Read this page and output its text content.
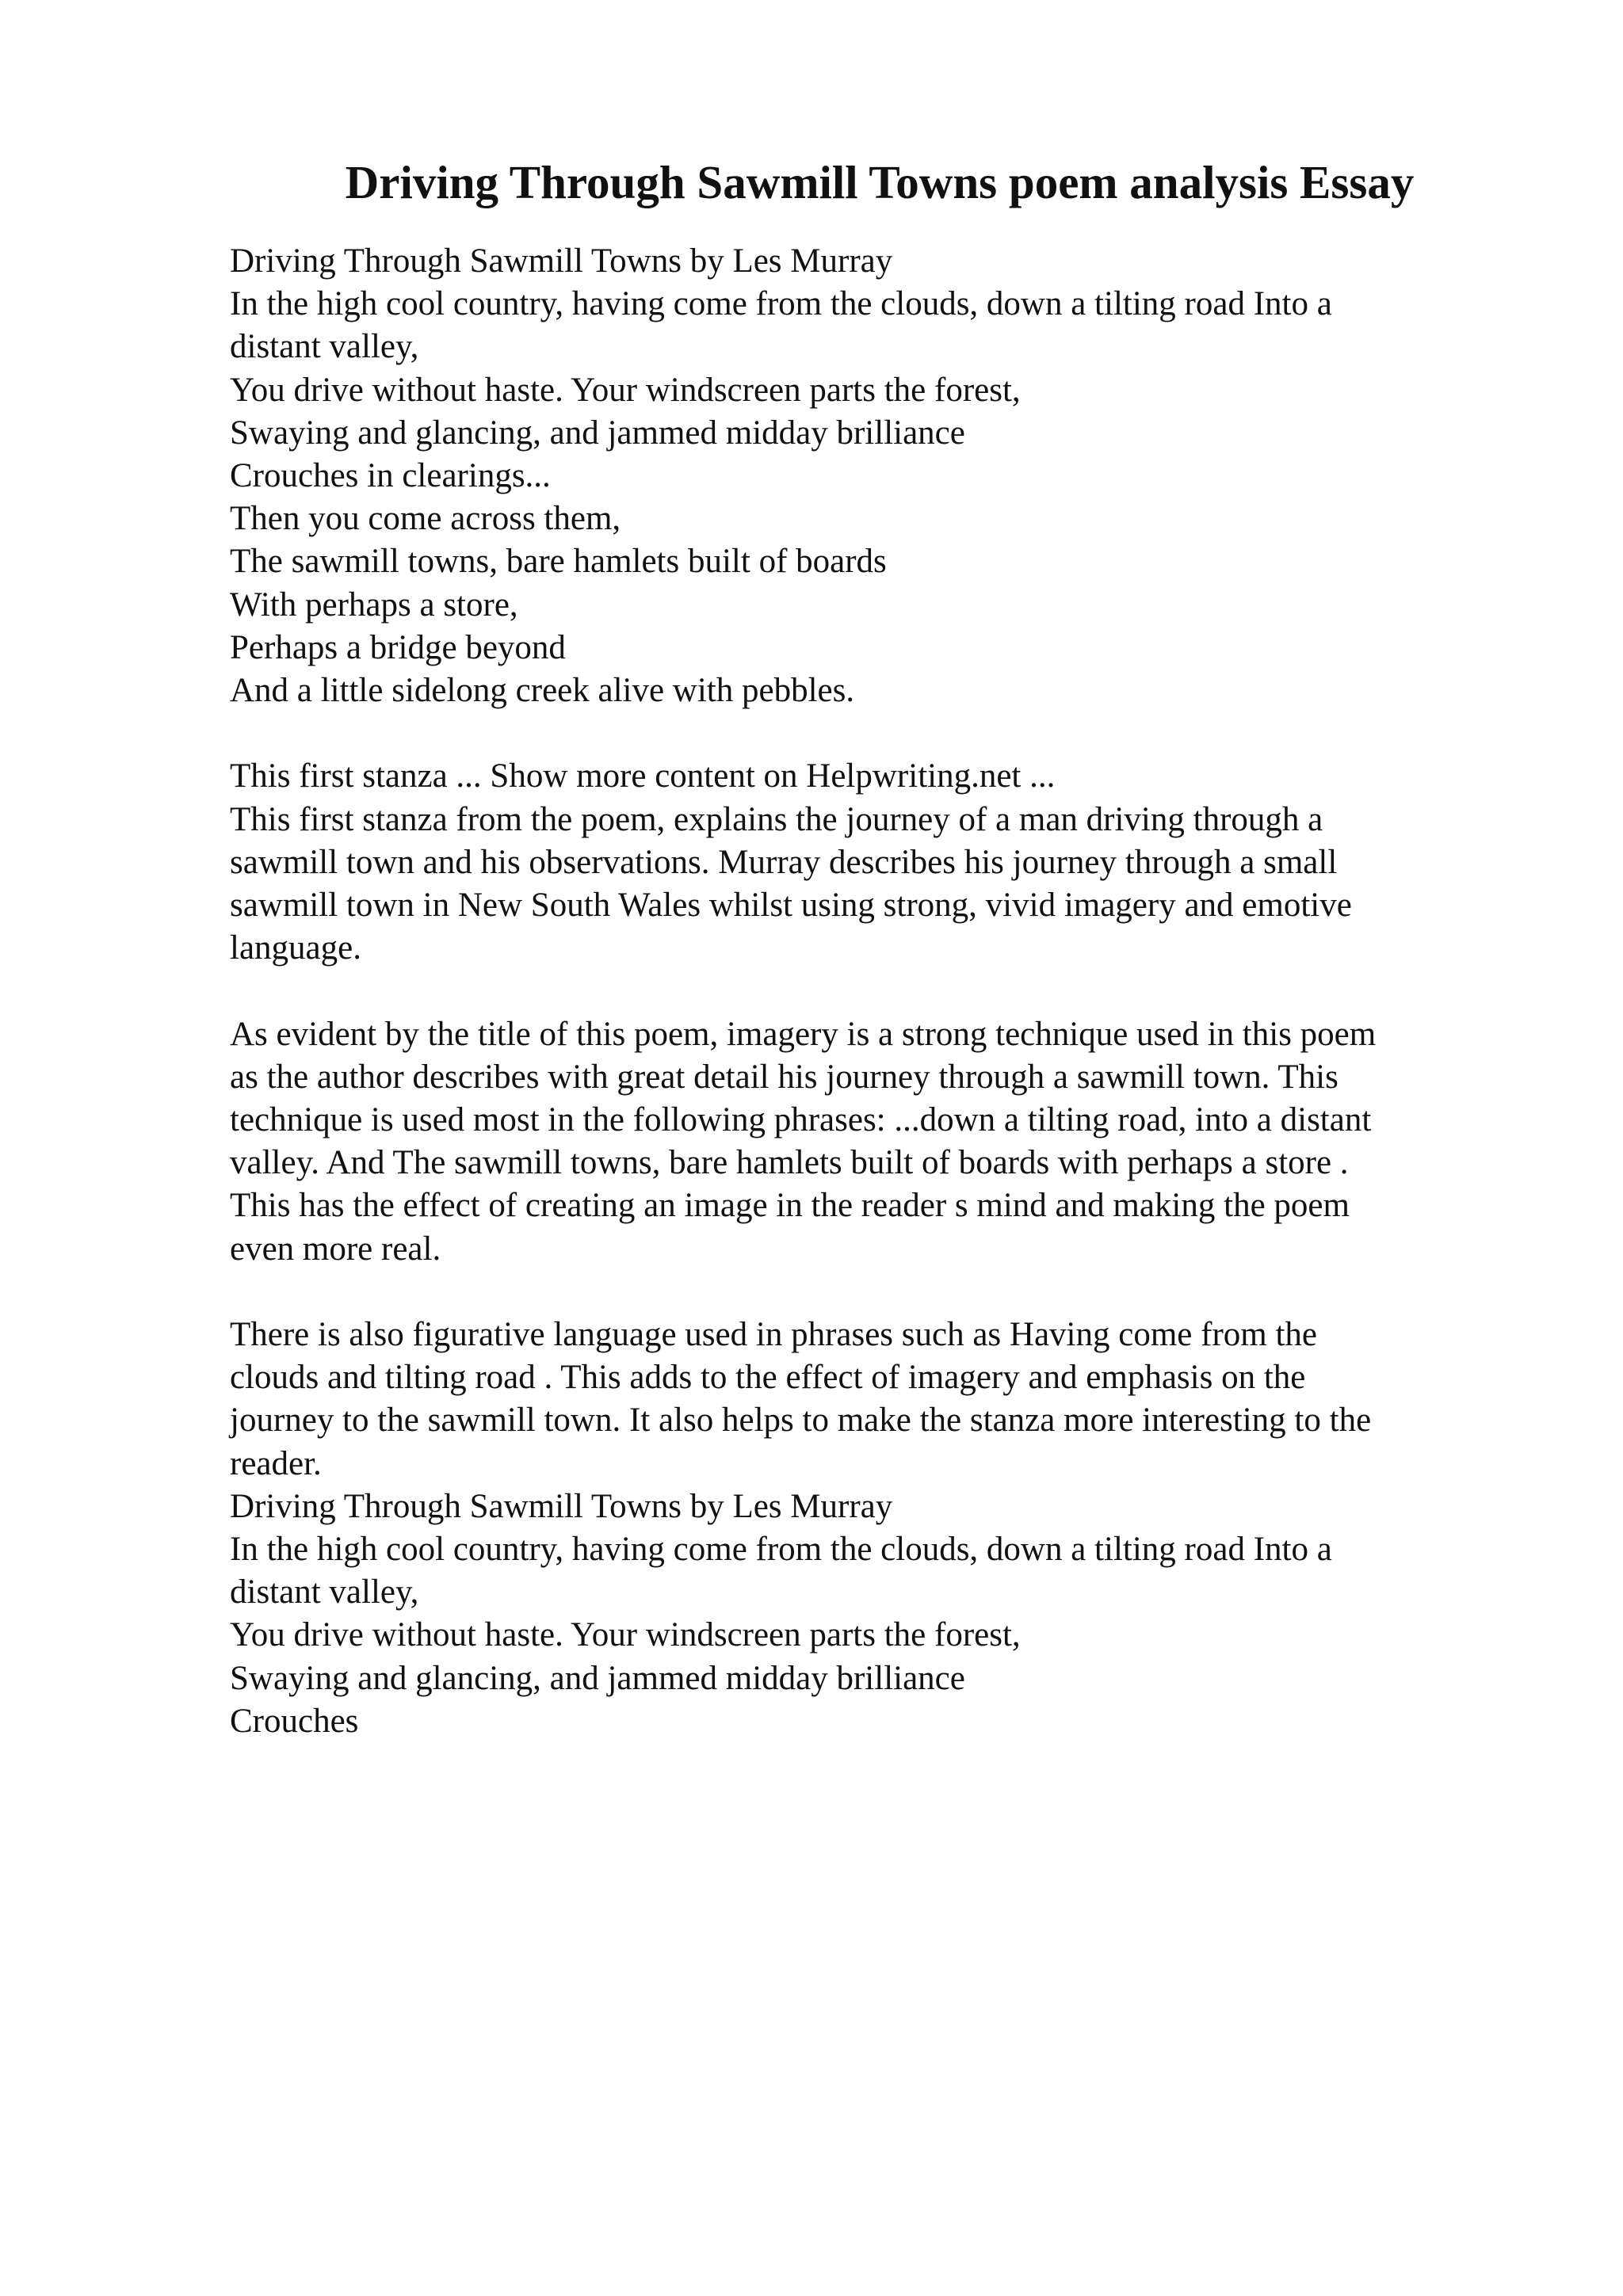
Driving Through Sawmill Towns poem analysis Essay
Driving Through Sawmill Towns by Les Murray
In the high cool country, having come from the clouds, down a tilting road Into a
distant valley,
You drive without haste. Your windscreen parts the forest,
Swaying and glancing, and jammed midday brilliance
Crouches in clearings...
Then you come across them,
The sawmill towns, bare hamlets built of boards
With perhaps a store,
Perhaps a bridge beyond
And a little sidelong creek alive with pebbles.
This first stanza ... Show more content on Helpwriting.net ...
This first stanza from the poem, explains the journey of a man driving through a
sawmill town and his observations. Murray describes his journey through a small
sawmill town in New South Wales whilst using strong, vivid imagery and emotive
language.
As evident by the title of this poem, imagery is a strong technique used in this poem
as the author describes with great detail his journey through a sawmill town. This
technique is used most in the following phrases: ...down a tilting road, into a distant
valley. And The sawmill towns, bare hamlets built of boards with perhaps a store .
This has the effect of creating an image in the reader s mind and making the poem
even more real.
There is also figurative language used in phrases such as Having come from the
clouds and tilting road . This adds to the effect of imagery and emphasis on the
journey to the sawmill town. It also helps to make the stanza more interesting to the
reader.
Driving Through Sawmill Towns by Les Murray
In the high cool country, having come from the clouds, down a tilting road Into a
distant valley,
You drive without haste. Your windscreen parts the forest,
Swaying and glancing, and jammed midday brilliance
Crouches
